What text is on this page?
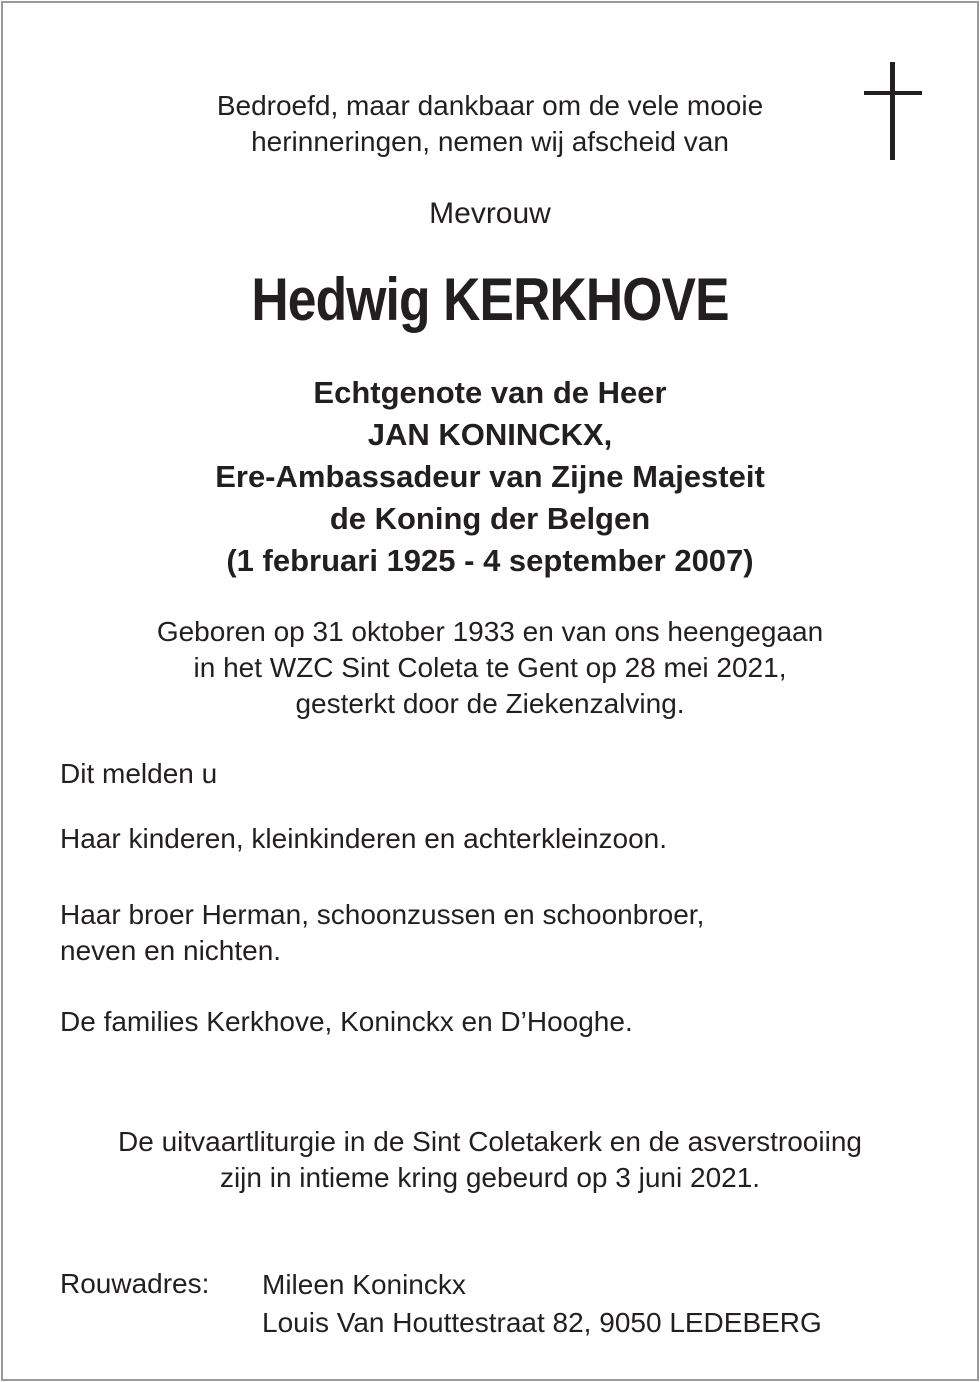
Bedroefd, maar dankbaar om de vele mooie
herinneringen, nemen wij afscheid van
Mevrouw
Hedwig KERKHOVE
Echtgenote van de Heer
JAN KONINCKX,
Ere-Ambassadeur van Zijne Majesteit
de Koning der Belgen
(1 februari 1925 - 4 september 2007)
Geboren op 31 oktober 1933 en van ons heengegaan
in het WZC Sint Coleta te Gent op 28 mei 2021,
gesterkt door de Ziekenzalving.
Dit melden u
Haar kinderen, kleinkinderen en achterkleinzoon.
Haar broer Herman, schoonzussen en schoonbroer,
neven en nichten.
De families Kerkhove, Koninckx en D’Hooghe.
De uitvaartliturgie in de Sint Coletakerk en de asverstrooiing
zijn in intieme kring gebeurd op 3 juni 2021.
Rouwadres: Mileen Koninckx
Louis Van Houttestraat 82, 9050 LEDEBERG
